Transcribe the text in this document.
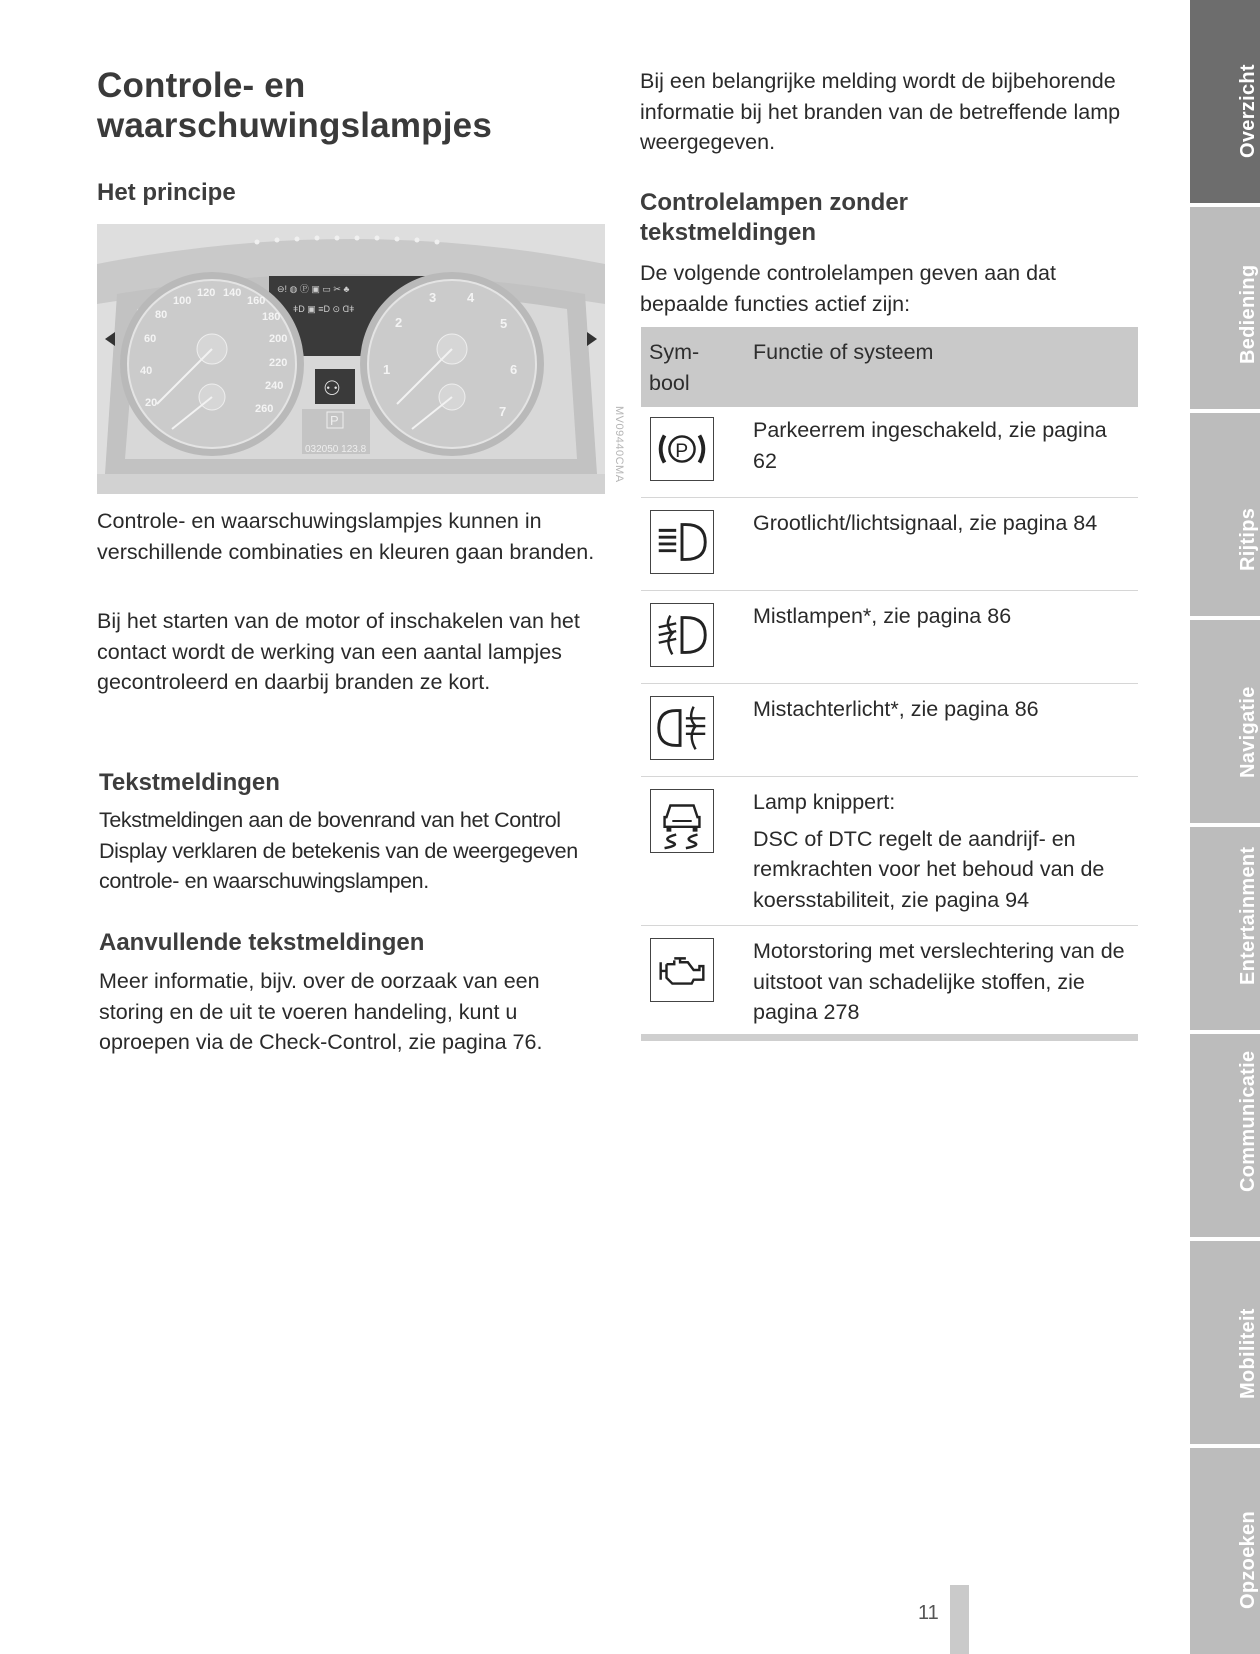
Controle- en
waarschuwingslampjes
Het principe
⊖! ◍ Ⓟ ▣ ▭ ✂ ♣
ǂD ▣ ≡D ⊙ Ɑǂ
20
40
60
80
100
120 140
160
180
200
220
240
260
1
2
3 4
5
6
7
⚇
P
032050 123.8	MV09440CMA

Controle- en waarschuwingslampjes kunnen in verschillende combinaties en kleuren gaan branden.

Bij het starten van de motor of inschakelen van het contact wordt de werking van een aantal lampjes gecontroleerd en daarbij branden ze kort.

Tekstmeldingen

Tekstmeldingen aan de bovenrand van het Control Display verklaren de betekenis van de weergegeven controle- en waarschuwingslampen.

Aanvullende tekstmeldingen

Meer informatie, bijv. over de oorzaak van een storing en de uit te voeren handeling, kunt u oproepen via de Check-Control, zie pagina 76.

Bij een belangrijke melding wordt de bijbehorende informatie bij het branden van de betreffende lamp weergegeven.

Controlelampen zonder tekstmeldingen

De volgende controlelampen geven aan dat bepaalde functies actief zijn:

Sym-bool
Functie of systeem
P

Parkeerrem ingeschakeld, zie pagina 62

Grootlicht/lichtsignaal, zie pagina 84

Mistlampen*, zie pagina 86

Mistachterlicht*, zie pagina 86

Lamp knippert:

DSC of DTC regelt de aandrijf- en remkrachten voor het behoud van de koersstabiliteit, zie pagina 94

Motorstoring met verslechtering van de uitstoot van schadelijke stoffen, zie pagina 278

Overzicht
Bediening
Rijtips
Navigatie
Entertainment
Communicatie
Mobiliteit
Opzoeken
11
